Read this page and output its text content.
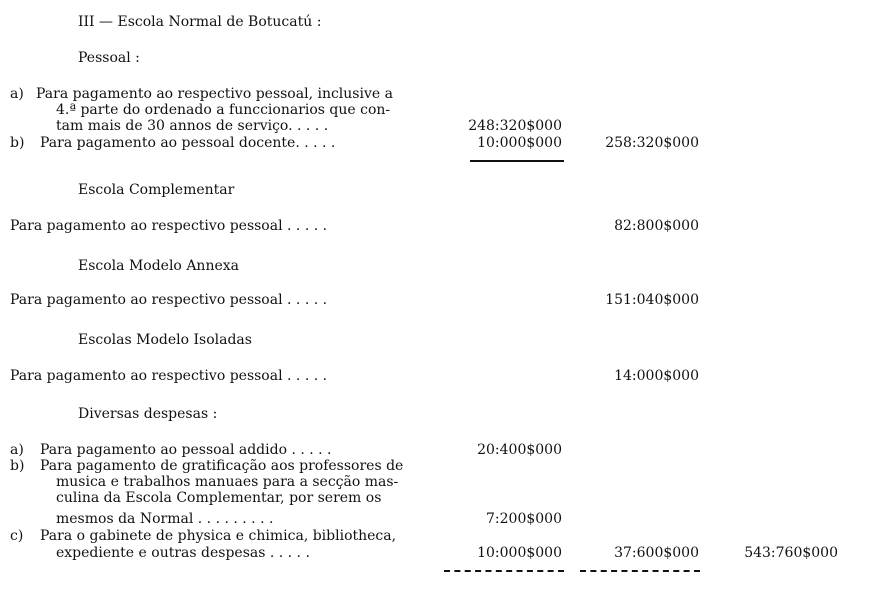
III — Escola Normal de Botucatú :
Pessoal :
a) Para pagamento ao respectivo pessoal, inclusive a
4.ª parte do ordenado a funccionarios que con-
tam mais de 30 annos de serviço. . . . .	248:320$000
b) Para pagamento ao pessoal docente. . . . .	10:000$000	258:320$000
Escola Complementar
Para pagamento ao respectivo pessoal . . . . .	82:800$000
Escola Modelo Annexa
Para pagamento ao respectivo pessoal . . . . .	151:040$000
Escolas Modelo Isoladas
Para pagamento ao respectivo pessoal . . . . .	14:000$000
Diversas despesas :
a) Para pagamento ao pessoal addido . . . . .	20:400$000
b) Para pagamento de gratificação aos professores de
musica e trabalhos manuaes para a secção mas-
culina da Escola Complementar, por serem os
mesmos da Normal . . . . . . . . .	7:200$000
c) Para o gabinete de physica e chimica, bibliotheca,
expediente e outras despesas . . . . .	10:000$000	37:600$000	543:760$000
